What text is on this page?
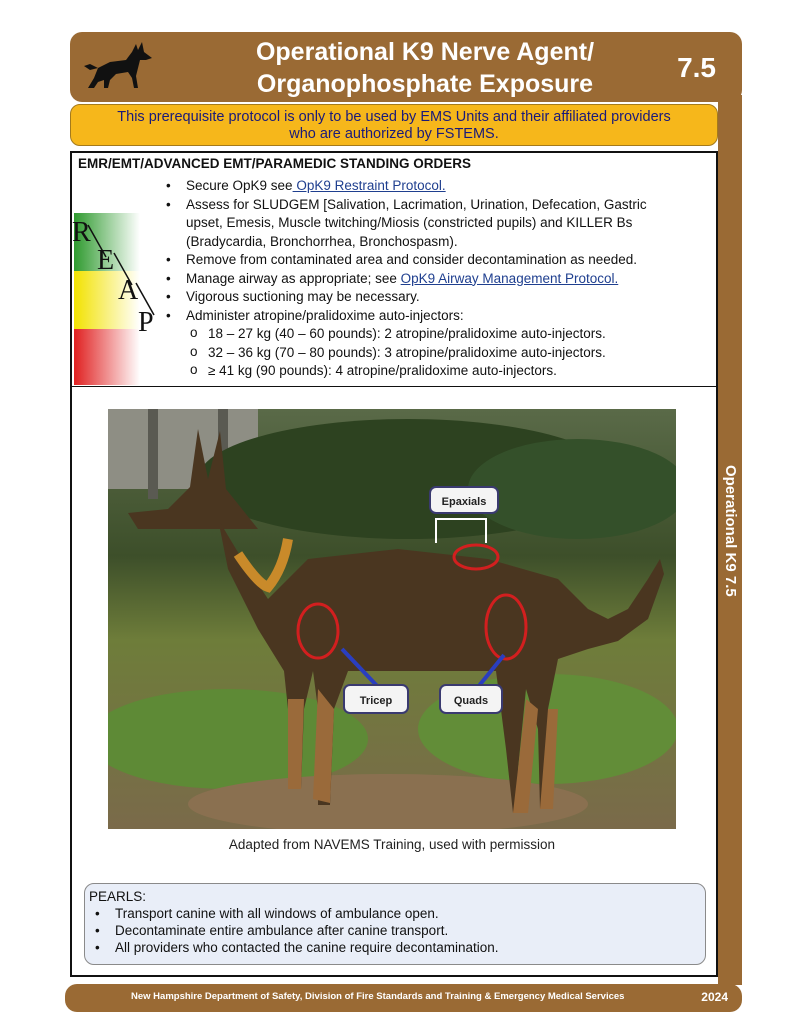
Operational K9 Nerve Agent/
Organophosphate Exposure
7.5
Operational K9 7.5
This prerequisite protocol is only to be used by EMS Units and their affiliated providers
who are authorized by FSTEMS.
EMR/EMT/ADVANCED EMT/PARAMEDIC STANDING ORDERS
R
E
A
P
• Secure OpK9 see OpK9 Restraint Protocol.
• Assess for SLUDGEM [Salivation, Lacrimation, Urination, Defecation, Gastric upset, Emesis, Muscle twitching/Miosis (constricted pupils) and KILLER Bs (Bradycardia, Bronchorrhea, Bronchospasm).
• Remove from contaminated area and consider decontamination as needed.
• Manage airway as appropriate; see OpK9 Airway Management Protocol.
• Vigorous suctioning may be necessary.
• Administer atropine/pralidoxime auto-injectors:
o 18 – 27 kg (40 – 60 pounds): 2 atropine/pralidoxime auto-injectors.
o 32 – 36 kg (70 – 80 pounds): 3 atropine/pralidoxime auto-injectors.
o ≥ 41 kg (90 pounds): 4 atropine/pralidoxime auto-injectors.
Epaxials
Tricep	Quads
Adapted from NAVEMS Training, used with permission
PEARLS:
• Transport canine with all windows of ambulance open.
• Decontaminate entire ambulance after canine transport.
• All providers who contacted the canine require decontamination.
New Hampshire Department of Safety, Division of Fire Standards and Training & Emergency Medical Services	2024
